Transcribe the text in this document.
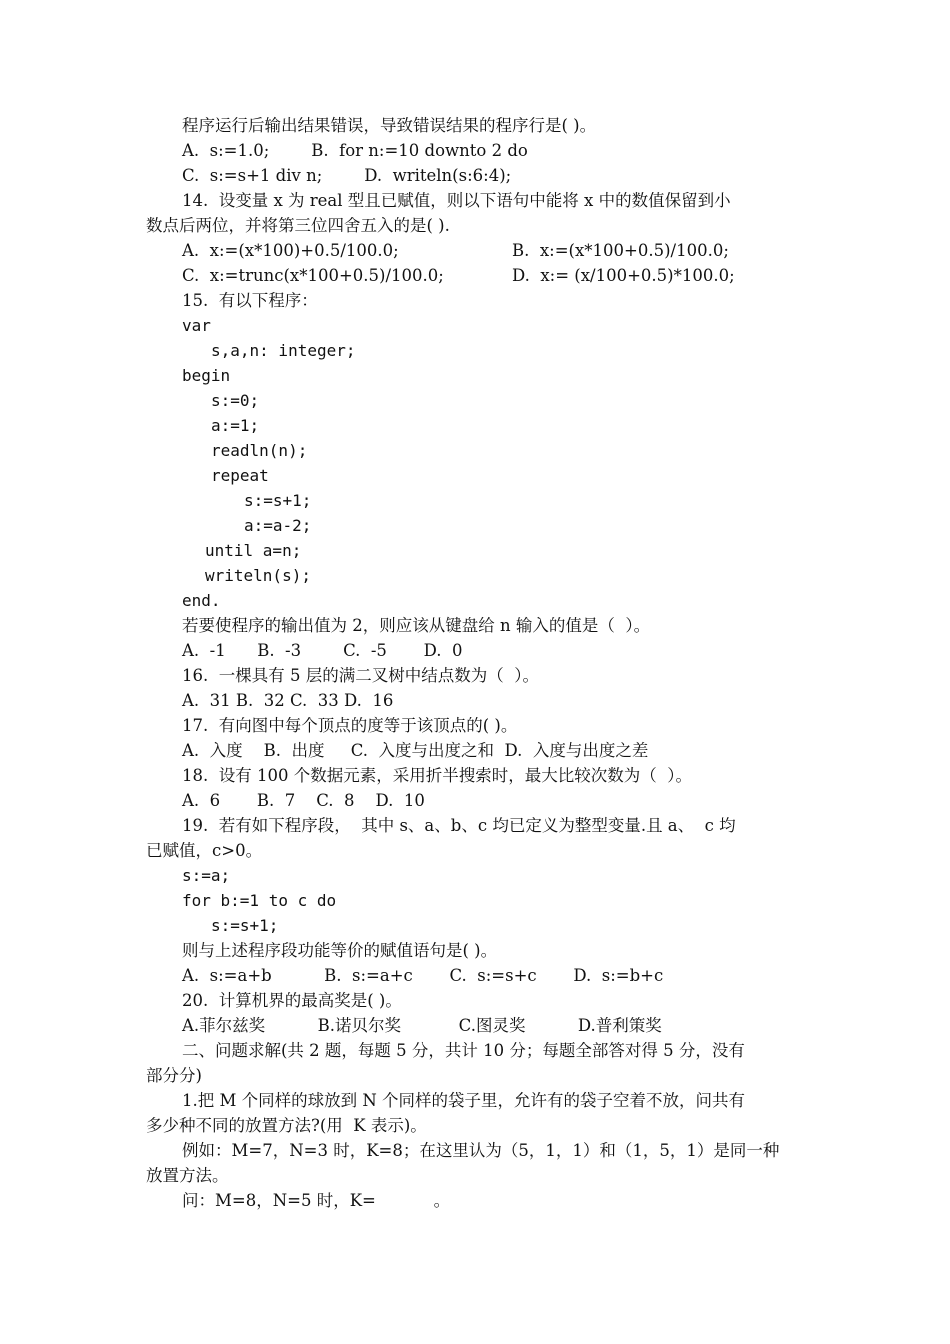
程序运行后输出结果错误，导致错误结果的程序行是( )。
A.  s:=1.0;        B.  for n:=10 downto 2 do
C.  s:=s+1 div n;        D.  writeln(s:6:4);
14.  设变量 x 为 real 型且已赋值，则以下语句中能将 x 中的数值保留到小
数点后两位，并将第三位四舍五入的是( ).
A.  x:=(x*100)+0.5/100.0;	B.  x:=(x*100+0.5)/100.0;
C.  x:=trunc(x*100+0.5)/100.0;	D.  x:= (x/100+0.5)*100.0;
15.  有以下程序：
var
s,a,n: integer;
begin
s:=0;
a:=1;
readln(n);
repeat
s:=s+1;
a:=a-2;
until a=n;
writeln(s);
end.
若要使程序的输出值为 2，则应该从键盘给 n 输入的值是（  ）。
A.  -1      B.  -3        C.  -5       D.  0
16.  一棵具有 5 层的满二叉树中结点数为（  ）。
A.  31 B.  32 C.  33 D.  16
17.  有向图中每个顶点的度等于该顶点的( )。
A.  入度    B.  出度     C.  入度与出度之和  D.  入度与出度之差
18.  设有 100 个数据元素，采用折半搜索时，最大比较次数为（  ）。
A.  6       B.  7    C.  8    D.  10
19.  若有如下程序段，  其中 s、a、b、c 均已定义为整型变量.且 a、  c 均
已赋值，c>0。
s:=a;
for b:=1 to c do
s:=s+1;
则与上述程序段功能等价的赋值语句是( )。
A.  s:=a+b          B.  s:=a+c       C.  s:=s+c       D.  s:=b+c
20.  计算机界的最高奖是( )。
A.菲尔兹奖          B.诺贝尔奖           C.图灵奖          D.普利策奖
二、问题求解(共 2 题，每题 5 分，共计 10 分；每题全部答对得 5 分，没有
部分分)
1.把 M 个同样的球放到 N 个同样的袋子里，允许有的袋子空着不放，问共有
多少种不同的放置方法?(用  K 表示)。
例如：M=7，N=3 时，K=8；在这里认为（5，1，1）和（1，5，1）是同一种
放置方法。
问：M=8，N=5 时，K=           。
